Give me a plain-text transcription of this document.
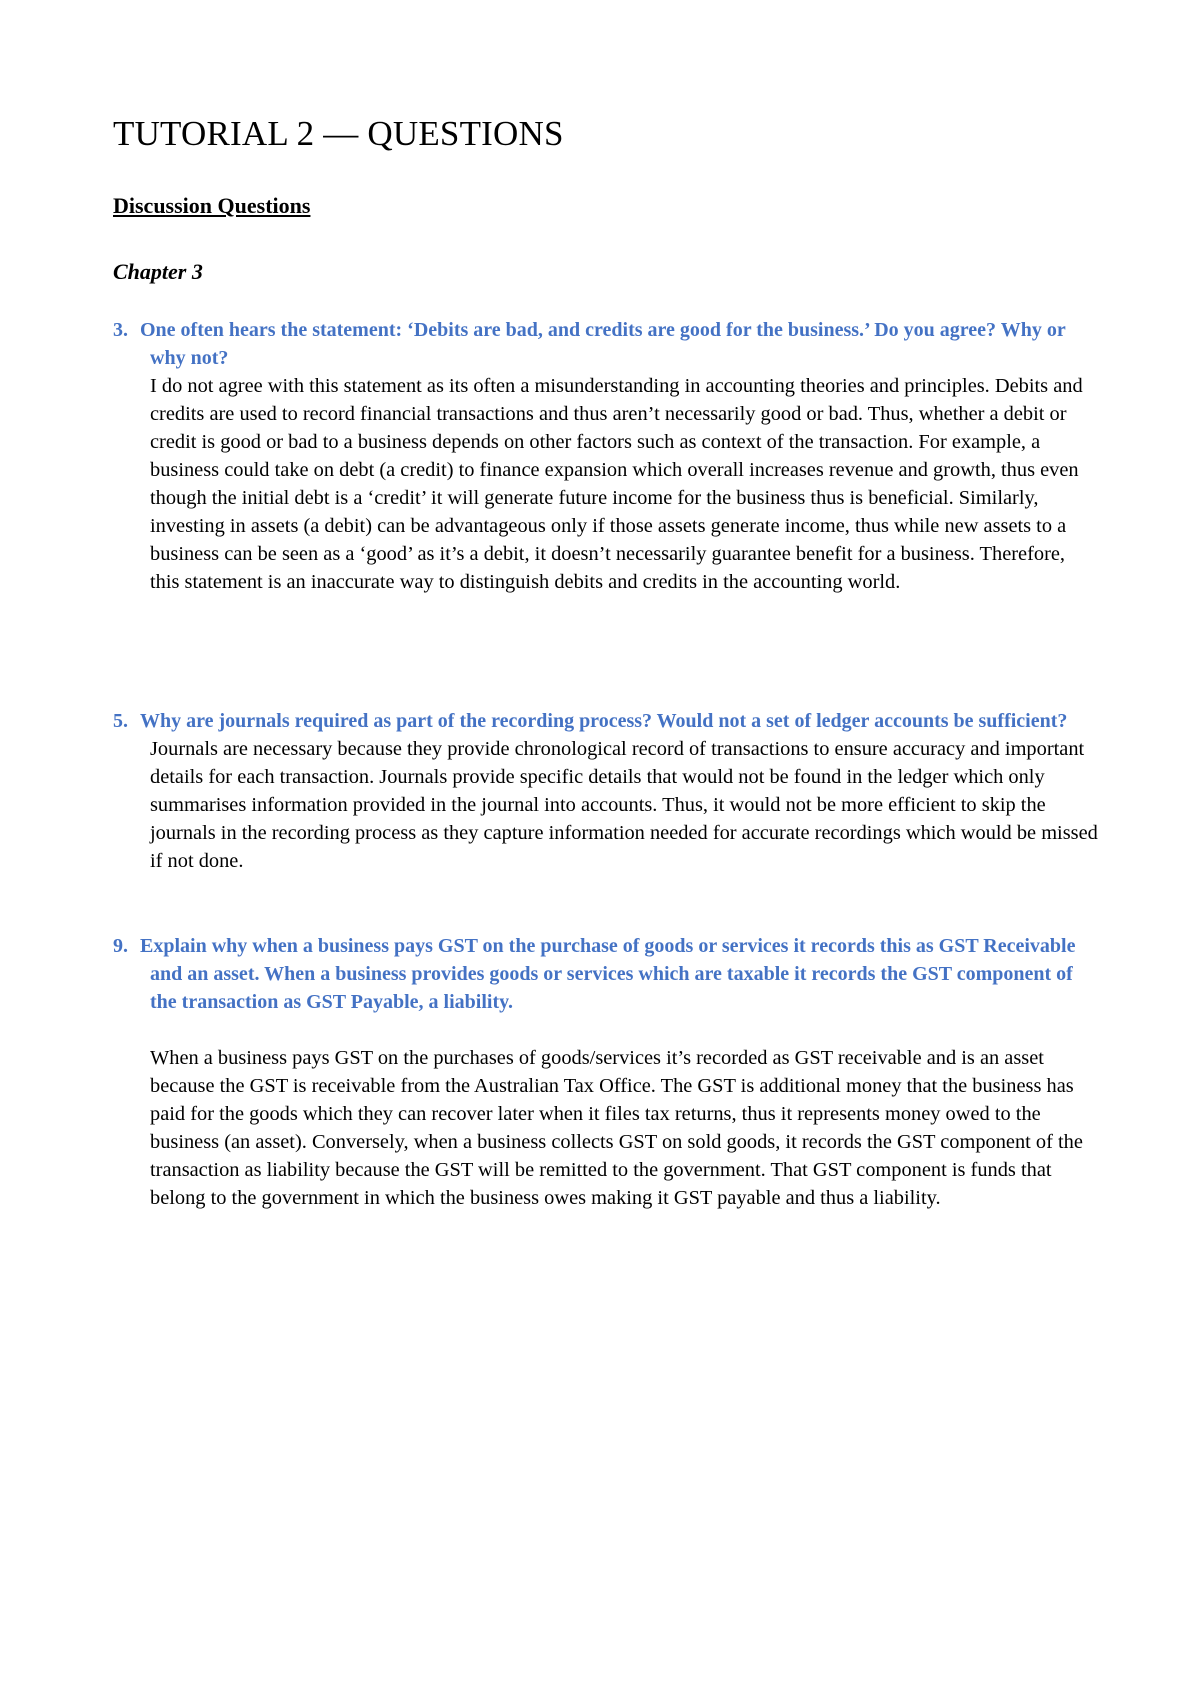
TUTORIAL 2 — QUESTIONS
Discussion Questions
Chapter 3

3. One often hears the statement: ‘Debits are bad, and credits are good for the business.’ Do you agree? Why or why not?

I do not agree with this statement as its often a misunderstanding in accounting theories and principles. Debits and credits are used to record financial transactions and thus aren’t necessarily good or bad. Thus, whether a debit or credit is good or bad to a business depends on other factors such as context of the transaction. For example, a business could take on debt (a credit) to finance expansion which overall increases revenue and growth, thus even though the initial debt is a ‘credit’ it will generate future income for the business thus is beneficial. Similarly, investing in assets (a debit) can be advantageous only if those assets generate income, thus while new assets to a business can be seen as a ‘good’ as it’s a debit, it doesn’t necessarily guarantee benefit for a business. Therefore, this statement is an inaccurate way to distinguish debits and credits in the accounting world.

5. Why are journals required as part of the recording process? Would not a set of ledger accounts be sufficient?

Journals are necessary because they provide chronological record of transactions to ensure accuracy and important details for each transaction. Journals provide specific details that would not be found in the ledger which only summarises information provided in the journal into accounts. Thus, it would not be more efficient to skip the journals in the recording process as they capture information needed for accurate recordings which would be missed if not done.

9. Explain why when a business pays GST on the purchase of goods or services it records this as GST Receivable and an asset. When a business provides goods or services which are taxable it records the GST component of the transaction as GST Payable, a liability.

When a business pays GST on the purchases of goods/services it’s recorded as GST receivable and is an asset because the GST is receivable from the Australian Tax Office. The GST is additional money that the business has paid for the goods which they can recover later when it files tax returns, thus it represents money owed to the business (an asset). Conversely, when a business collects GST on sold goods, it records the GST component of the transaction as liability because the GST will be remitted to the government. That GST component is funds that belong to the government in which the business owes making it GST payable and thus a liability.
